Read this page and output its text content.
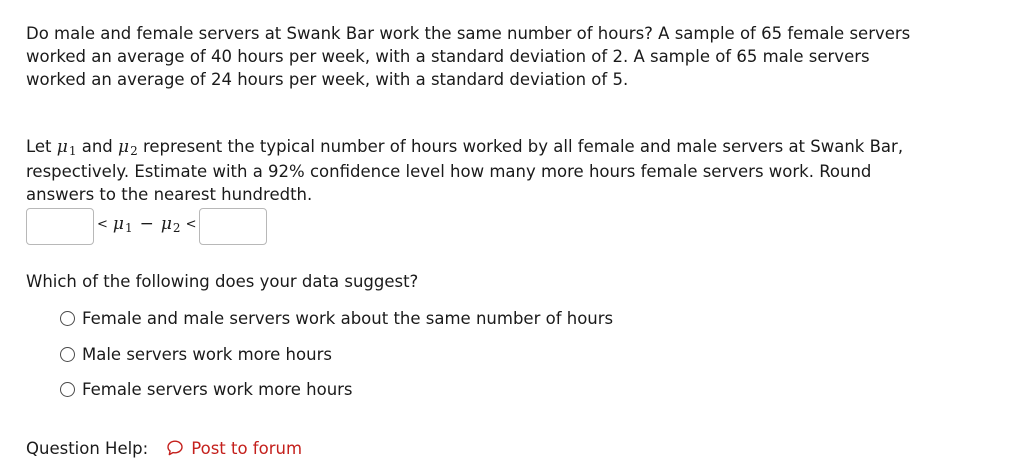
Do male and female servers at Swank Bar work the same number of hours? A sample of 65 female servers
worked an average of 40 hours per week, with a standard deviation of 2. A sample of 65 male servers
worked an average of 24 hours per week, with a standard deviation of 5.
Let μ1 and μ2 represent the typical number of hours worked by all female and male servers at Swank Bar,
respectively. Estimate with a 92% confidence level how many more hours female servers work. Round
answers to the nearest hundredth.
< μ1 − μ2 <
Which of the following does your data suggest?
Female and male servers work about the same number of hours
Male servers work more hours
Female servers work more hours
Question Help:	Post to forum
